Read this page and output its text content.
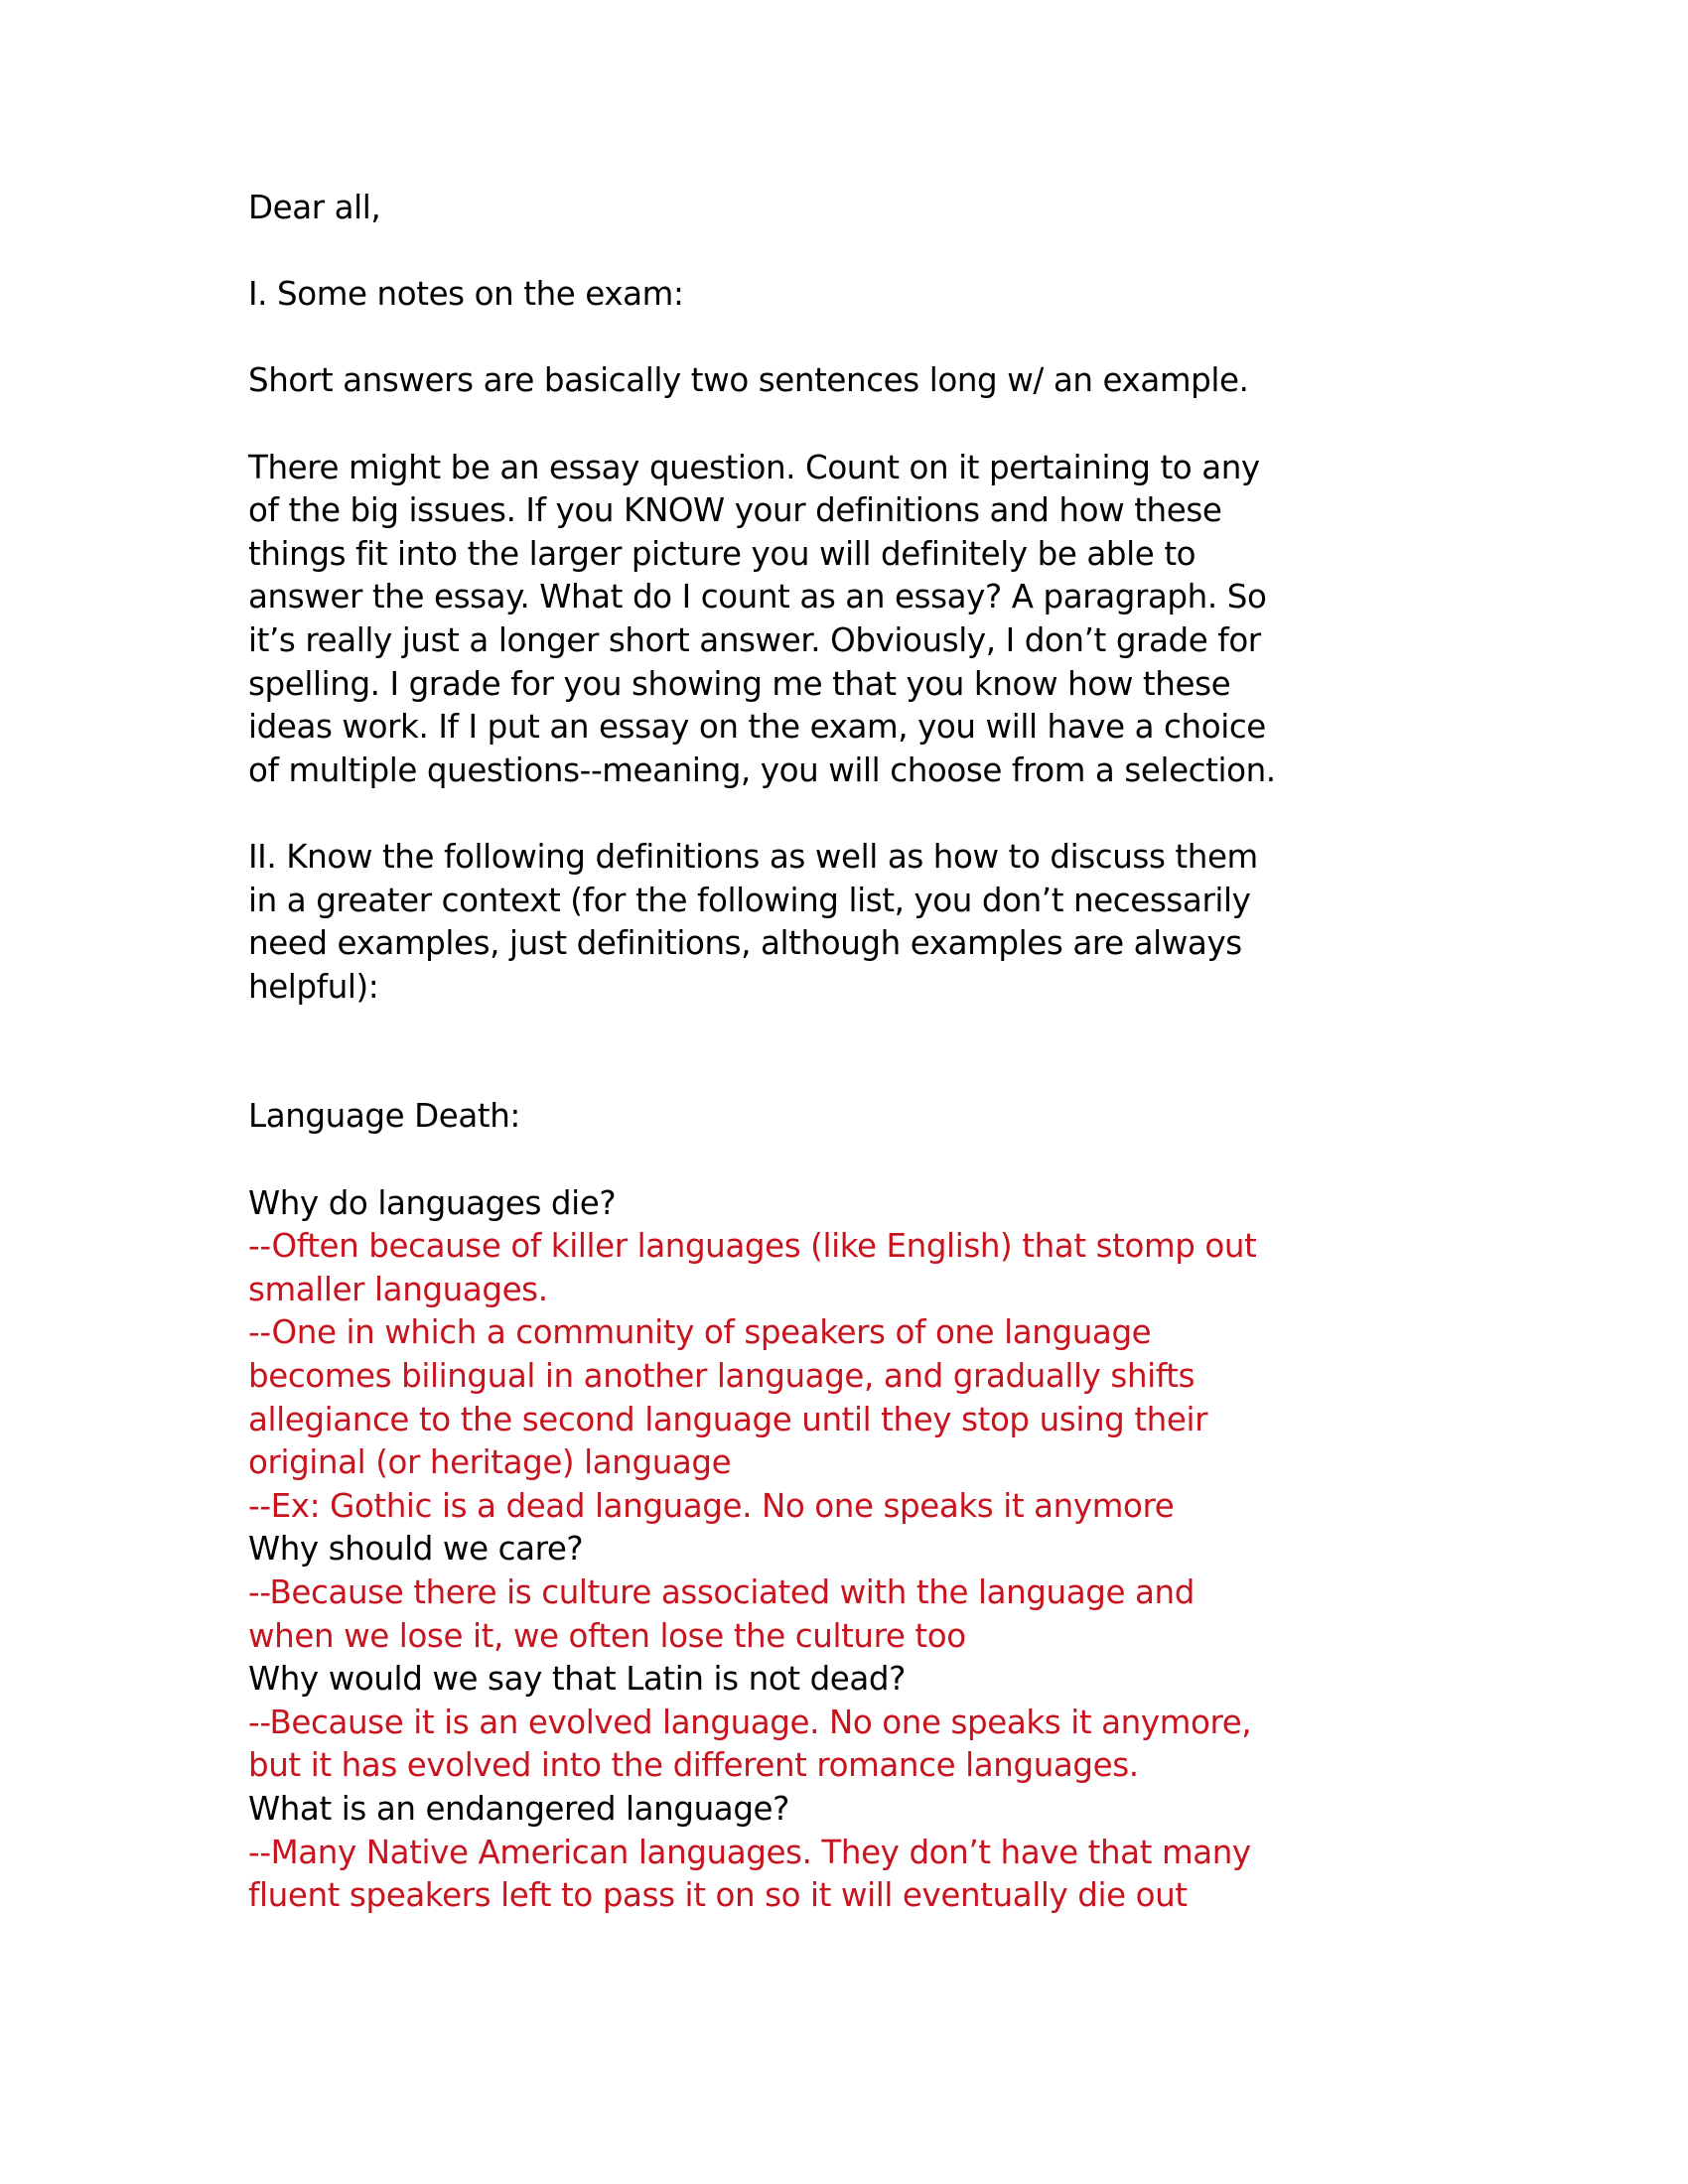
Dear all,

I. Some notes on the exam:

Short answers are basically two sentences long w/ an example.

There might be an essay question. Count on it pertaining to any
of the big issues. If you KNOW your definitions and how these
things fit into the larger picture you will definitely be able to
answer the essay. What do I count as an essay? A paragraph. So
it’s really just a longer short answer. Obviously, I don’t grade for
spelling. I grade for you showing me that you know how these
ideas work. If I put an essay on the exam, you will have a choice
of multiple questions--meaning, you will choose from a selection.

II. Know the following definitions as well as how to discuss them
in a greater context (for the following list, you don’t necessarily
need examples, just definitions, although examples are always
helpful):

Language Death:

Why do languages die?
--Often because of killer languages (like English) that stomp out
smaller languages.
--One in which a community of speakers of one language
becomes bilingual in another language, and gradually shifts
allegiance to the second language until they stop using their
original (or heritage) language
--Ex: Gothic is a dead language. No one speaks it anymore
Why should we care?
--Because there is culture associated with the language and
when we lose it, we often lose the culture too
Why would we say that Latin is not dead?
--Because it is an evolved language. No one speaks it anymore,
but it has evolved into the different romance languages.
What is an endangered language?
--Many Native American languages. They don’t have that many
fluent speakers left to pass it on so it will eventually die out
